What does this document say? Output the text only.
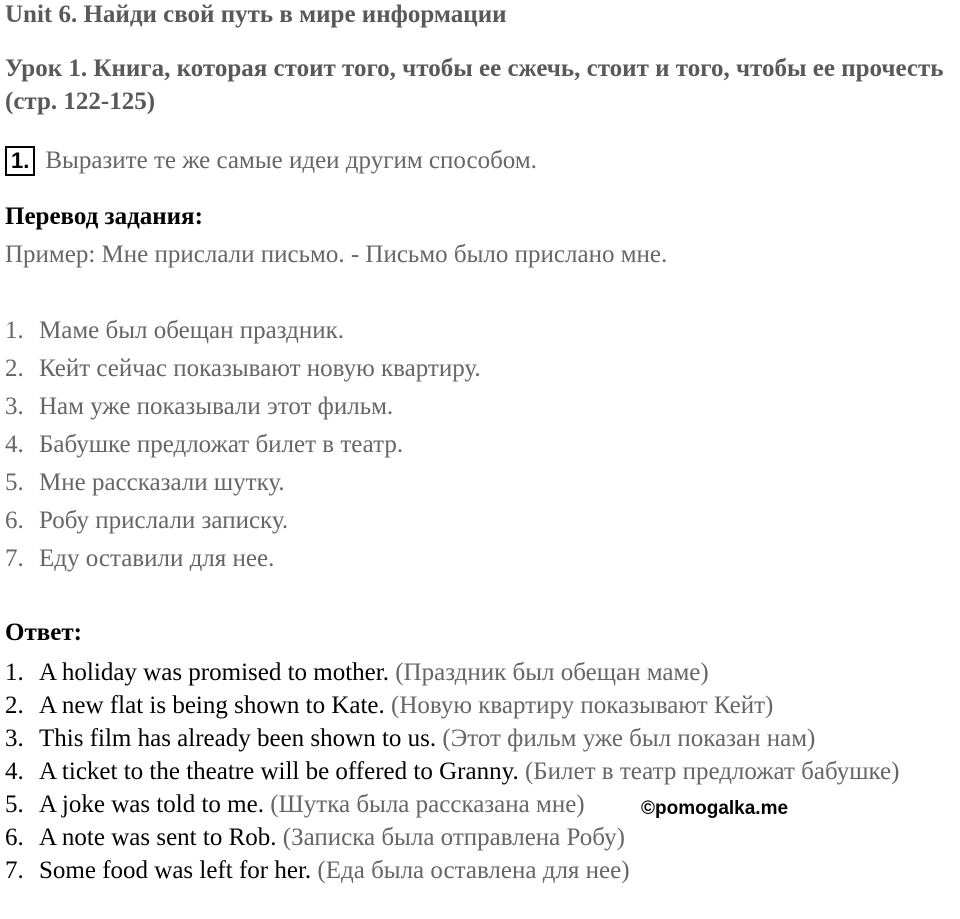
Unit 6. Найди свой путь в мире информации
Урок 1. Книга, которая стоит того, чтобы ее сжечь, стоит и того, чтобы ее прочесть (стр. 122-125)
1. Выразите те же самые идеи другим способом.
Перевод задания:
Пример: Мне прислали письмо. - Письмо было прислано мне.
1. Маме был обещан праздник.
2. Кейт сейчас показывают новую квартиру.
3. Нам уже показывали этот фильм.
4. Бабушке предложат билет в театр.
5. Мне рассказали шутку.
6. Робу прислали записку.
7. Еду оставили для нее.
Ответ:
1. A holiday was promised to mother. (Праздник был обещан маме)
2. A new flat is being shown to Kate. (Новую квартиру показывают Кейт)
3. This film has already been shown to us. (Этот фильм уже был показан нам)
4. A ticket to the theatre will be offered to Granny. (Билет в театр предложат бабушке)
5. A joke was told to me. (Шутка была рассказана мне)
6. A note was sent to Rob. (Записка была отправлена Робу)
7. Some food was left for her. (Еда была оставлена для нее)
©pomogalka.me
